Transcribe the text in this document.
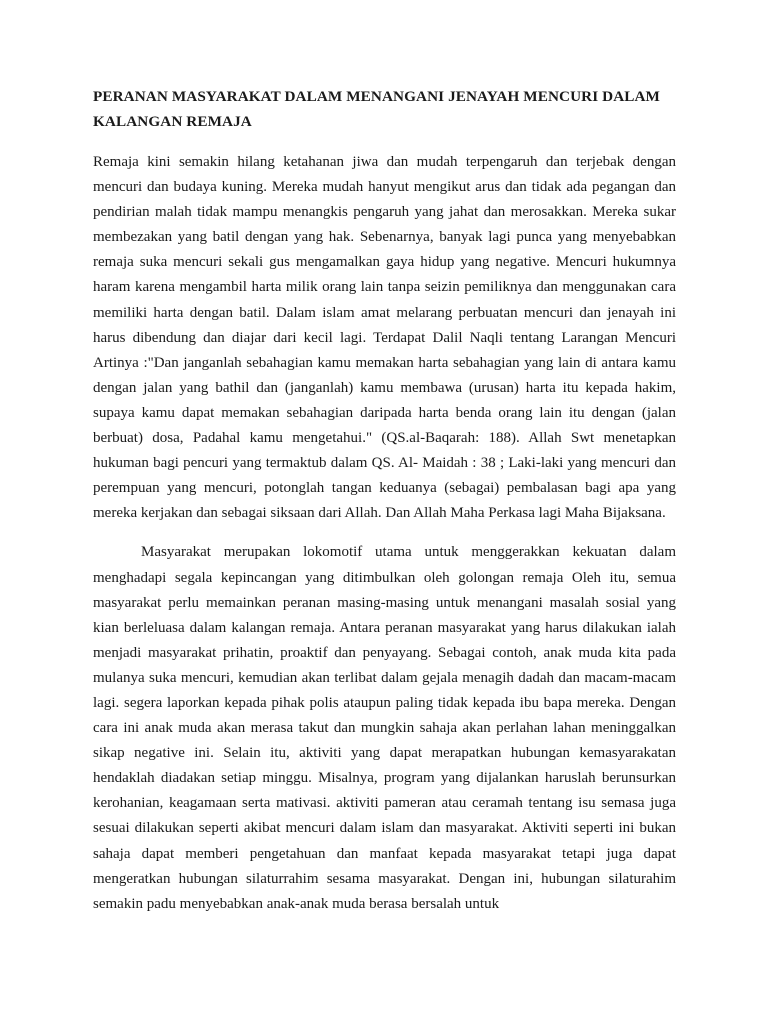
PERANAN MASYARAKAT DALAM MENANGANI JENAYAH MENCURI DALAM KALANGAN REMAJA

Remaja kini semakin hilang ketahanan jiwa dan mudah terpengaruh dan terjebak dengan mencuri dan budaya kuning. Mereka mudah hanyut mengikut arus dan tidak ada pegangan dan pendirian malah tidak mampu menangkis pengaruh yang jahat dan merosakkan. Mereka sukar membezakan yang batil dengan yang hak. Sebenarnya, banyak lagi punca yang menyebabkan remaja suka mencuri sekali gus mengamalkan gaya hidup yang negative. Mencuri hukumnya haram karena mengambil harta milik orang lain tanpa seizin pemiliknya dan menggunakan cara memiliki harta dengan batil. Dalam islam amat melarang perbuatan mencuri dan jenayah ini harus dibendung dan diajar dari kecil lagi. Terdapat Dalil Naqli tentang Larangan Mencuri Artinya :"Dan janganlah sebahagian kamu memakan harta sebahagian yang lain di antara kamu dengan jalan yang bathil dan (janganlah) kamu membawa (urusan) harta itu kepada hakim, supaya kamu dapat memakan sebahagian daripada harta benda orang lain itu dengan (jalan berbuat) dosa, Padahal kamu mengetahui." (QS.al-Baqarah: 188). Allah Swt menetapkan hukuman bagi pencuri yang termaktub dalam QS. Al- Maidah : 38 ; Laki-laki yang mencuri dan perempuan yang mencuri, potonglah tangan keduanya (sebagai) pembalasan bagi apa yang mereka kerjakan dan sebagai siksaan dari Allah. Dan Allah Maha Perkasa lagi Maha Bijaksana.

Masyarakat merupakan lokomotif utama untuk menggerakkan kekuatan dalam menghadapi segala kepincangan yang ditimbulkan oleh golongan remaja Oleh itu, semua masyarakat perlu memainkan peranan masing-masing untuk menangani masalah sosial yang kian berleluasa dalam kalangan remaja. Antara peranan masyarakat yang harus dilakukan ialah menjadi masyarakat prihatin, proaktif dan penyayang. Sebagai contoh, anak muda kita pada mulanya suka mencuri, kemudian akan terlibat dalam gejala menagih dadah dan macam-macam lagi. segera laporkan kepada pihak polis ataupun paling tidak kepada ibu bapa mereka. Dengan cara ini anak muda akan merasa takut dan mungkin sahaja akan perlahan lahan meninggalkan sikap negative ini. Selain itu, aktiviti yang dapat merapatkan hubungan kemasyarakatan hendaklah diadakan setiap minggu. Misalnya, program yang dijalankan haruslah berunsurkan kerohanian, keagamaan serta mativasi. aktiviti pameran atau ceramah tentang isu semasa juga sesuai dilakukan seperti akibat mencuri dalam islam dan masyarakat. Aktiviti seperti ini bukan sahaja dapat memberi pengetahuan dan manfaat kepada masyarakat tetapi juga dapat mengeratkan hubungan silaturrahim sesama masyarakat. Dengan ini, hubungan silaturahim semakin padu menyebabkan anak-anak muda berasa bersalah untuk
